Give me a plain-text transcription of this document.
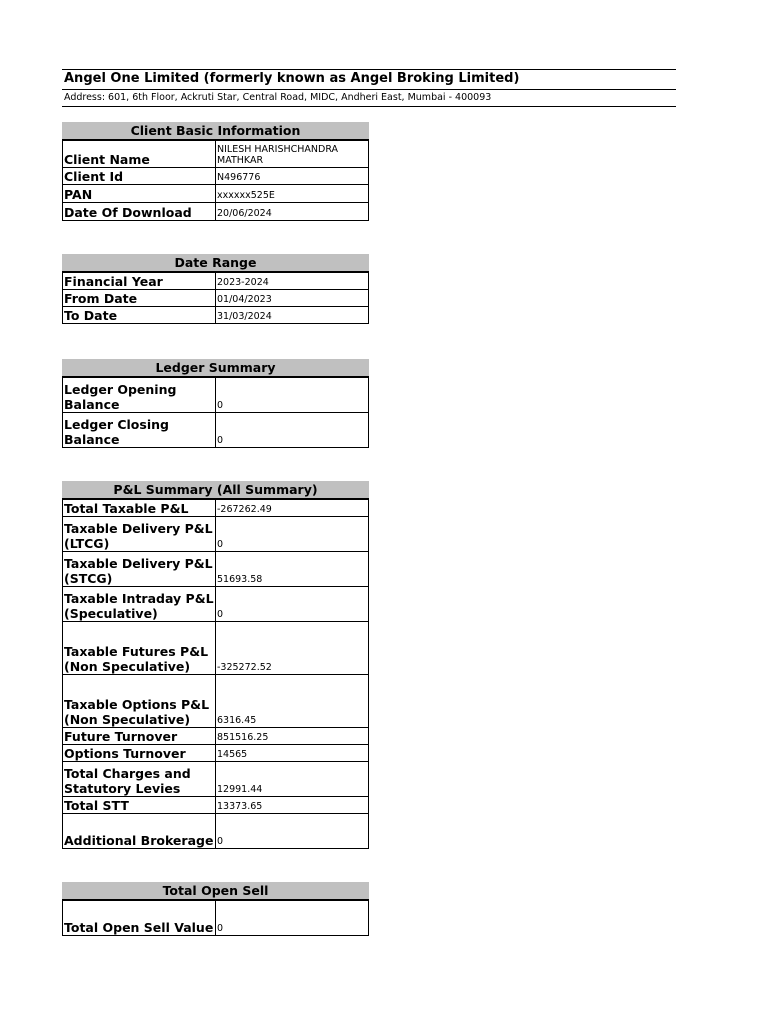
Angel One Limited (formerly known as Angel Broking Limited)
Address: 601, 6th Floor, Ackruti Star, Central Road, MIDC, Andheri East, Mumbai - 400093
Client Basic Information
Client Name	NILESH HARISHCHANDRA MATHKAR
Client Id	N496776
PAN	xxxxxx525E
Date Of Download	20/06/2024
Date Range
Financial Year	2023-2024
From Date	01/04/2023
To Date	31/03/2024
Ledger Summary
Ledger Opening Balance	0
Ledger Closing Balance	0
P&L Summary (All Summary)
Total Taxable P&L	-267262.49
Taxable Delivery P&L (LTCG)	0
Taxable Delivery P&L (STCG)	51693.58
Taxable Intraday P&L (Speculative)	0
Taxable Futures P&L (Non Speculative)	-325272.52
Taxable Options P&L (Non Speculative)	6316.45
Future Turnover	851516.25
Options Turnover	14565
Total Charges and Statutory Levies	12991.44
Total STT	13373.65
Additional Brokerage	0
Total Open Sell
Total Open Sell Value	0
